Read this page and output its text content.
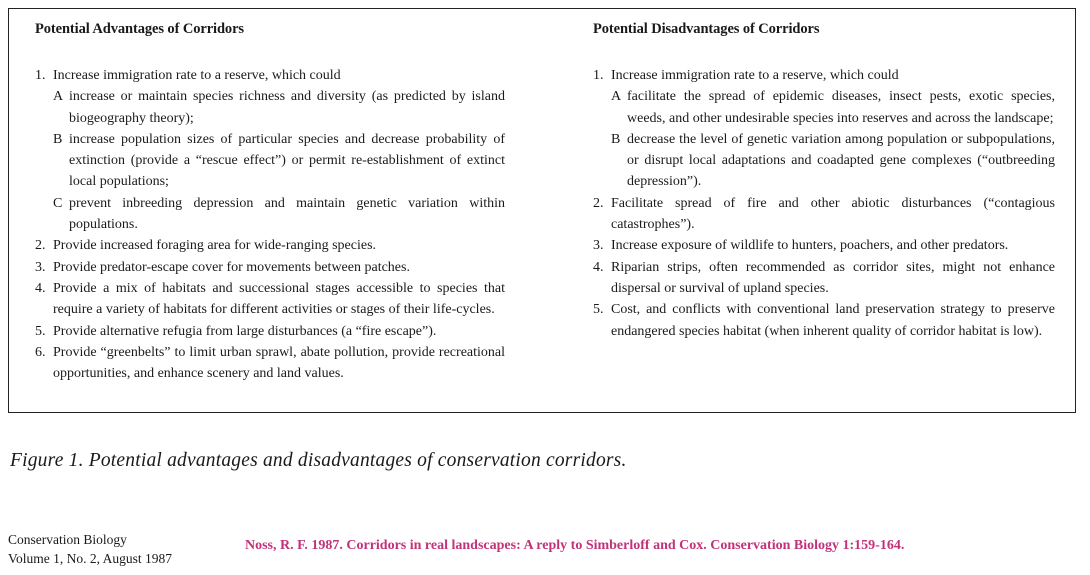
Potential Advantages of Corridors
1. Increase immigration rate to a reserve, which could
A increase or maintain species richness and diversity (as predicted by island biogeography theory);
B increase population sizes of particular species and decrease probability of extinction (provide a “rescue effect”) or permit re-establishment of extinct local populations;
C prevent inbreeding depression and maintain genetic variation within populations.
2. Provide increased foraging area for wide-ranging species.
3. Provide predator-escape cover for movements between patches.
4. Provide a mix of habitats and successional stages accessible to species that require a variety of habitats for different activities or stages of their life-cycles.
5. Provide alternative refugia from large disturbances (a “fire escape”).
6. Provide “greenbelts” to limit urban sprawl, abate pollution, provide recreational opportunities, and enhance scenery and land values.
Potential Disadvantages of Corridors
1. Increase immigration rate to a reserve, which could
A facilitate the spread of epidemic diseases, insect pests, exotic species, weeds, and other undesirable species into reserves and across the landscape;
B decrease the level of genetic variation among population or subpopulations, or disrupt local adaptations and coadapted gene complexes (“outbreeding depression”).
2. Facilitate spread of fire and other abiotic disturbances (“contagious catastrophes”).
3. Increase exposure of wildlife to hunters, poachers, and other predators.
4. Riparian strips, often recommended as corridor sites, might not enhance dispersal or survival of upland species.
5. Cost, and conflicts with conventional land preservation strategy to preserve endangered species habitat (when inherent quality of corridor habitat is low).
Figure 1. Potential advantages and disadvantages of conservation corridors.
Conservation Biology
Volume 1, No. 2, August 1987
Noss, R. F. 1987. Corridors in real landscapes: A reply to Simberloff and Cox. Conservation Biology 1:159-164.
